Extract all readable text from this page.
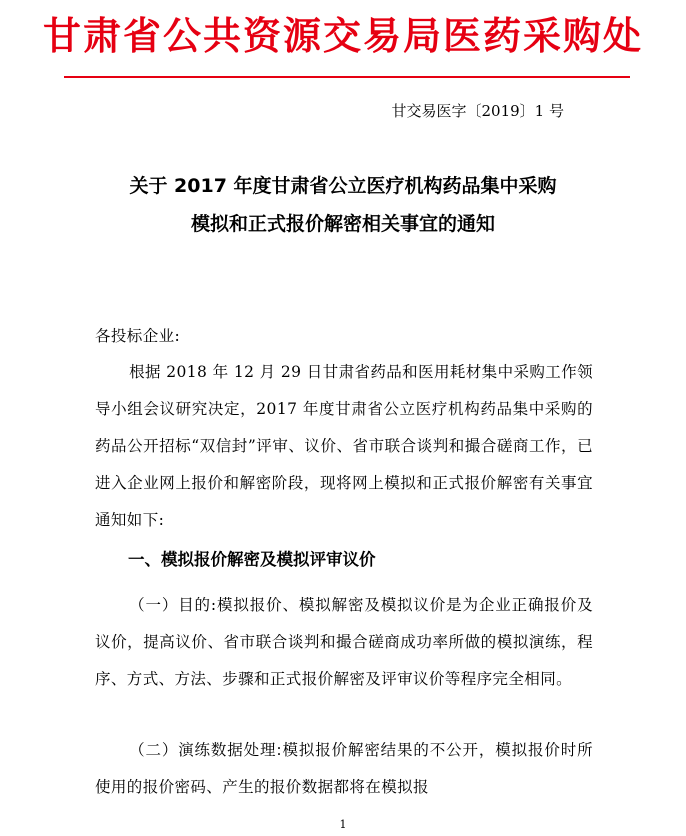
甘肃省公共资源交易局医药采购处
甘交易医字〔2019〕1 号
关于 2017 年度甘肃省公立医疗机构药品集中采购
模拟和正式报价解密相关事宜的通知
各投标企业:
根据 2018 年 12 月 29 日甘肃省药品和医用耗材集中采购工作领导小组会议研究决定，2017 年度甘肃省公立医疗机构药品集中采购的药品公开招标“双信封”评审、议价、省市联合谈判和撮合磋商工作，已进入企业网上报价和解密阶段，现将网上模拟和正式报价解密有关事宜通知如下:
一、模拟报价解密及模拟评审议价
（一）目的:模拟报价、模拟解密及模拟议价是为企业正确报价及议价，提高议价、省市联合谈判和撮合磋商成功率所做的模拟演练，程序、方式、方法、步骤和正式报价解密及评审议价等程序完全相同。
（二）演练数据处理:模拟报价解密结果的不公开，模拟报价时所使用的报价密码、产生的报价数据都将在模拟报
1
